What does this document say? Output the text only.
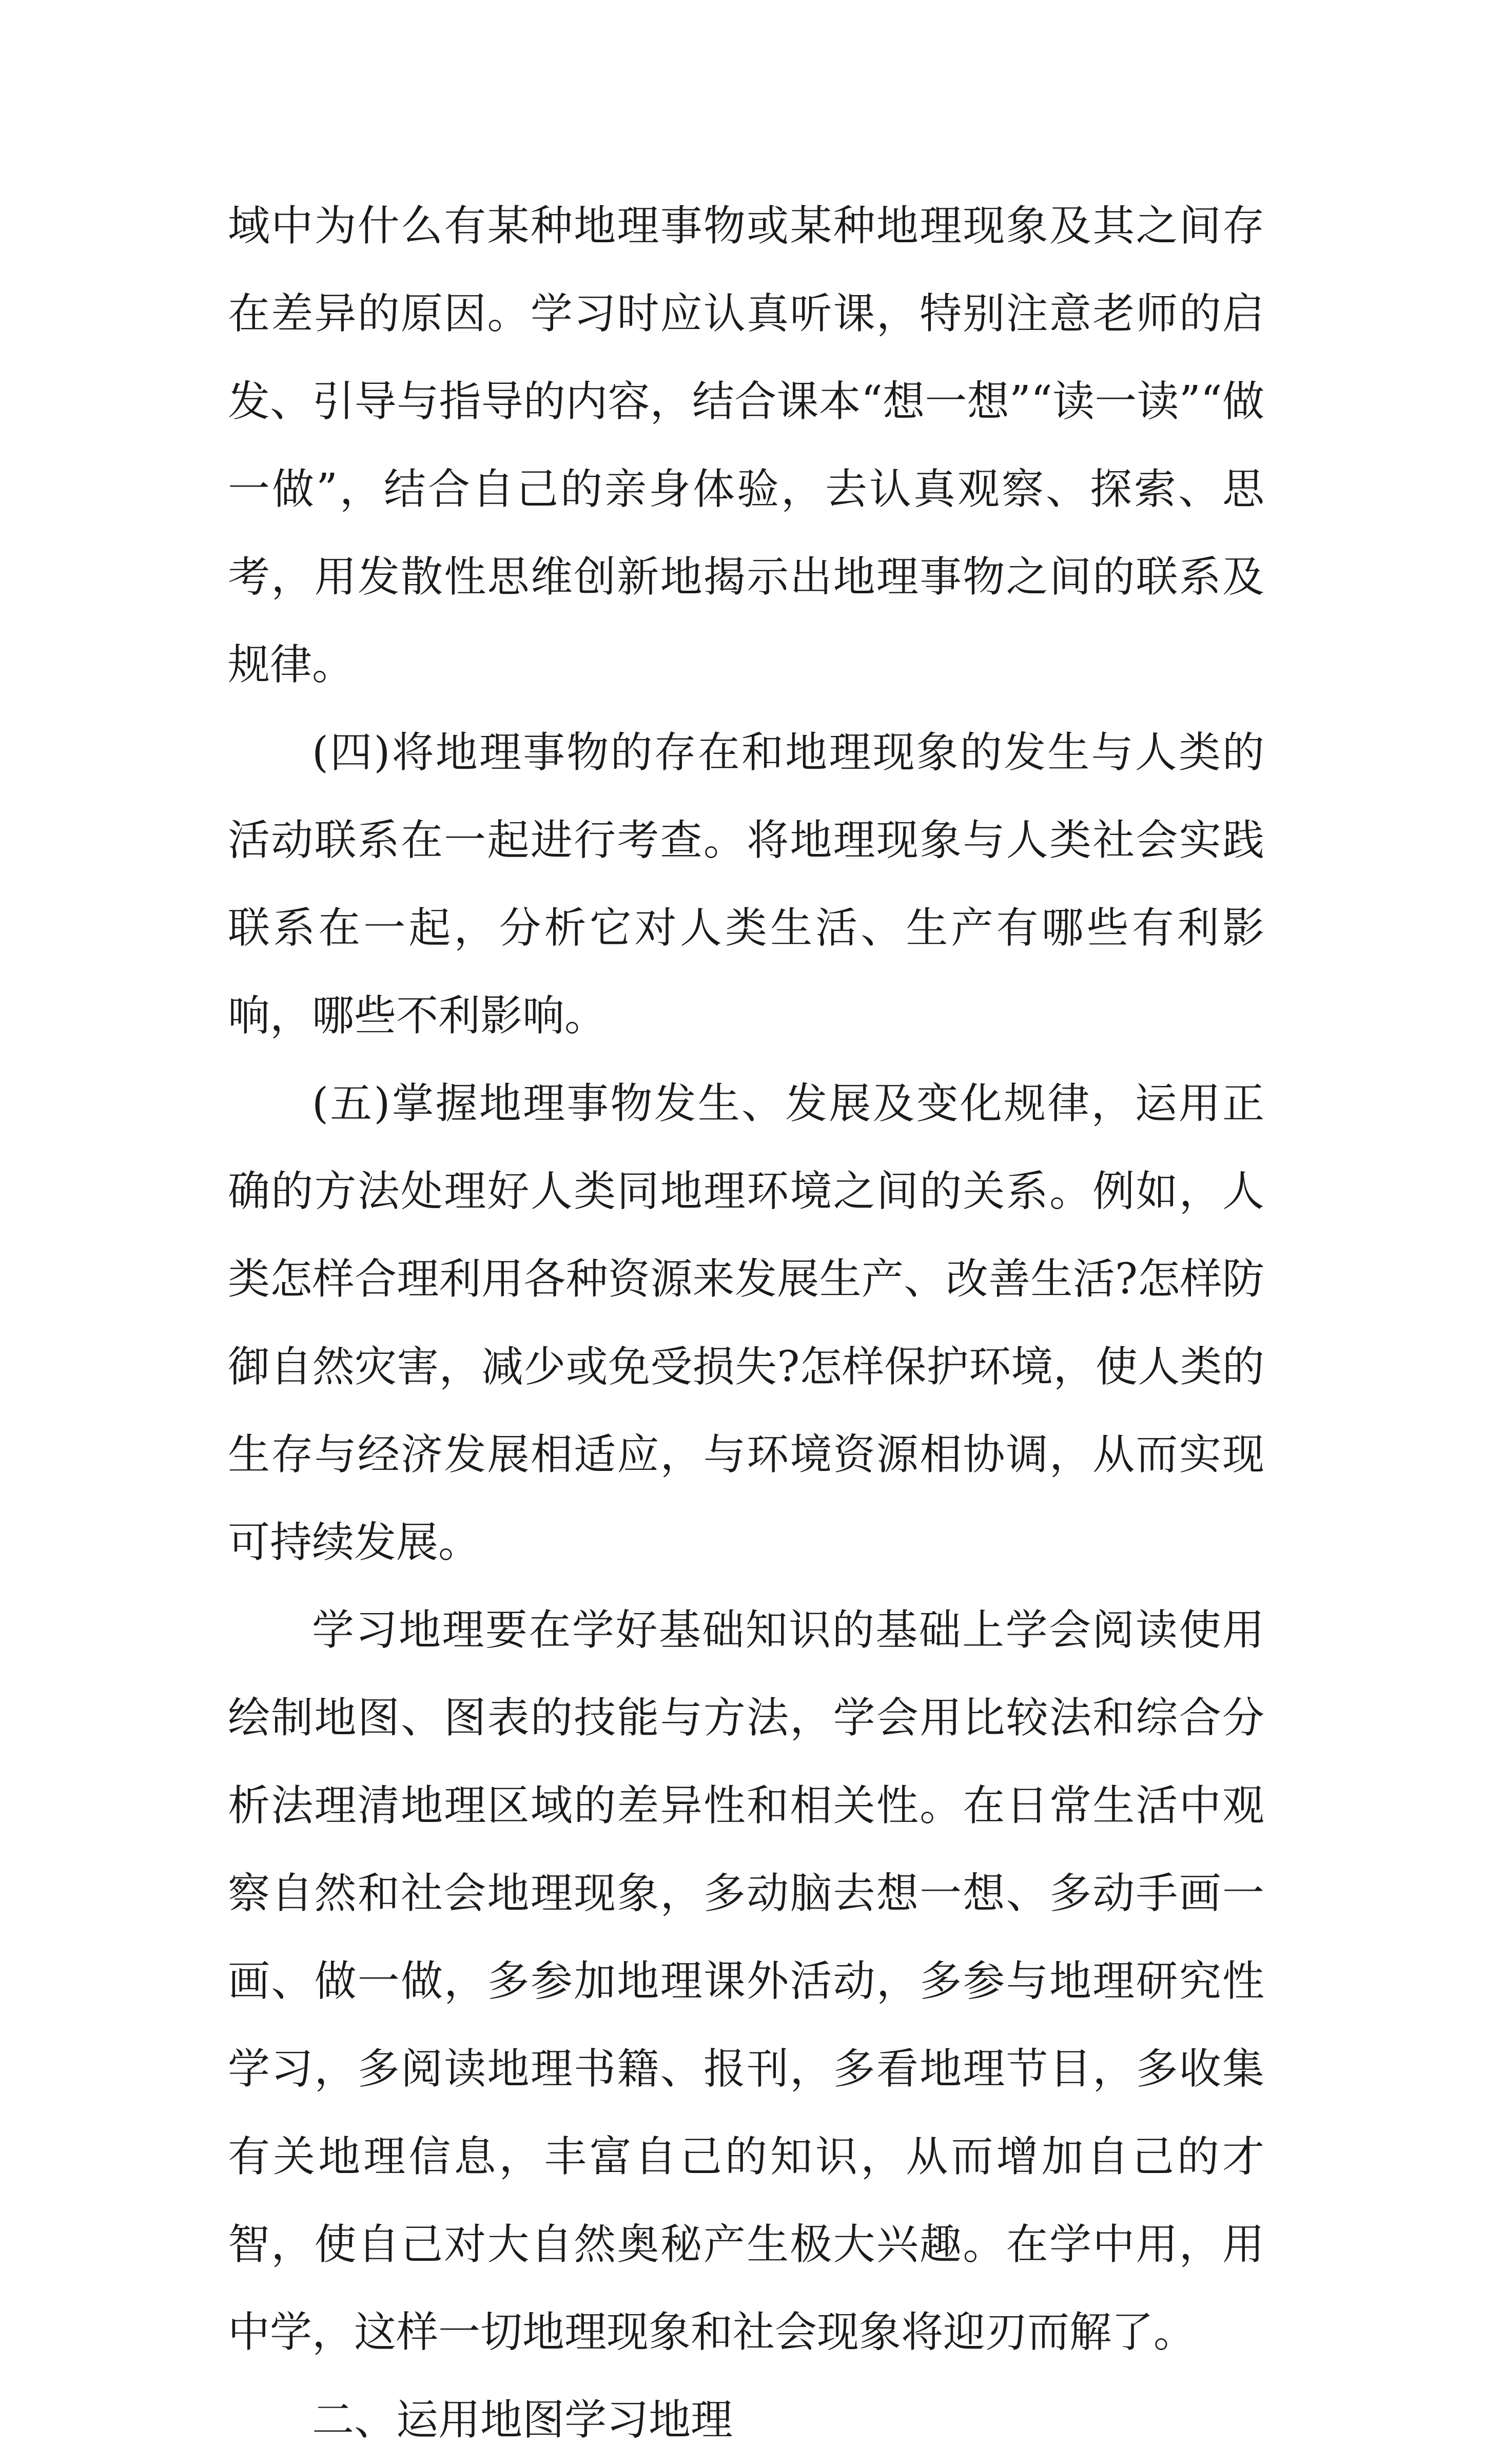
域中为什么有某种地理事物或某种地理现象及其之间存在差异的原因。学习时应认真听课，特别注意老师的启发、引导与指导的内容，结合课本“想一想”“读一读”“做一做”，结合自己的亲身体验，去认真观察、探索、思考，用发散性思维创新地揭示出地理事物之间的联系及规律。

(四)将地理事物的存在和地理现象的发生与人类的活动联系在一起进行考查。将地理现象与人类社会实践联系在一起，分析它对人类生活、生产有哪些有利影响，哪些不利影响。

(五)掌握地理事物发生、发展及变化规律，运用正确的方法处理好人类同地理环境之间的关系。例如，人类怎样合理利用各种资源来发展生产、改善生活?怎样防御自然灾害，减少或免受损失?怎样保护环境，使人类的生存与经济发展相适应，与环境资源相协调，从而实现可持续发展。

学习地理要在学好基础知识的基础上学会阅读使用绘制地图、图表的技能与方法，学会用比较法和综合分析法理清地理区域的差异性和相关性。在日常生活中观察自然和社会地理现象，多动脑去想一想、多动手画一画、做一做，多参加地理课外活动，多参与地理研究性学习，多阅读地理书籍、报刊，多看地理节目，多收集有关地理信息，丰富自己的知识，从而增加自己的才智，使自己对大自然奥秘产生极大兴趣。在学中用，用中学，这样一切地理现象和社会现象将迎刃而解了。

二、运用地图学习地理
